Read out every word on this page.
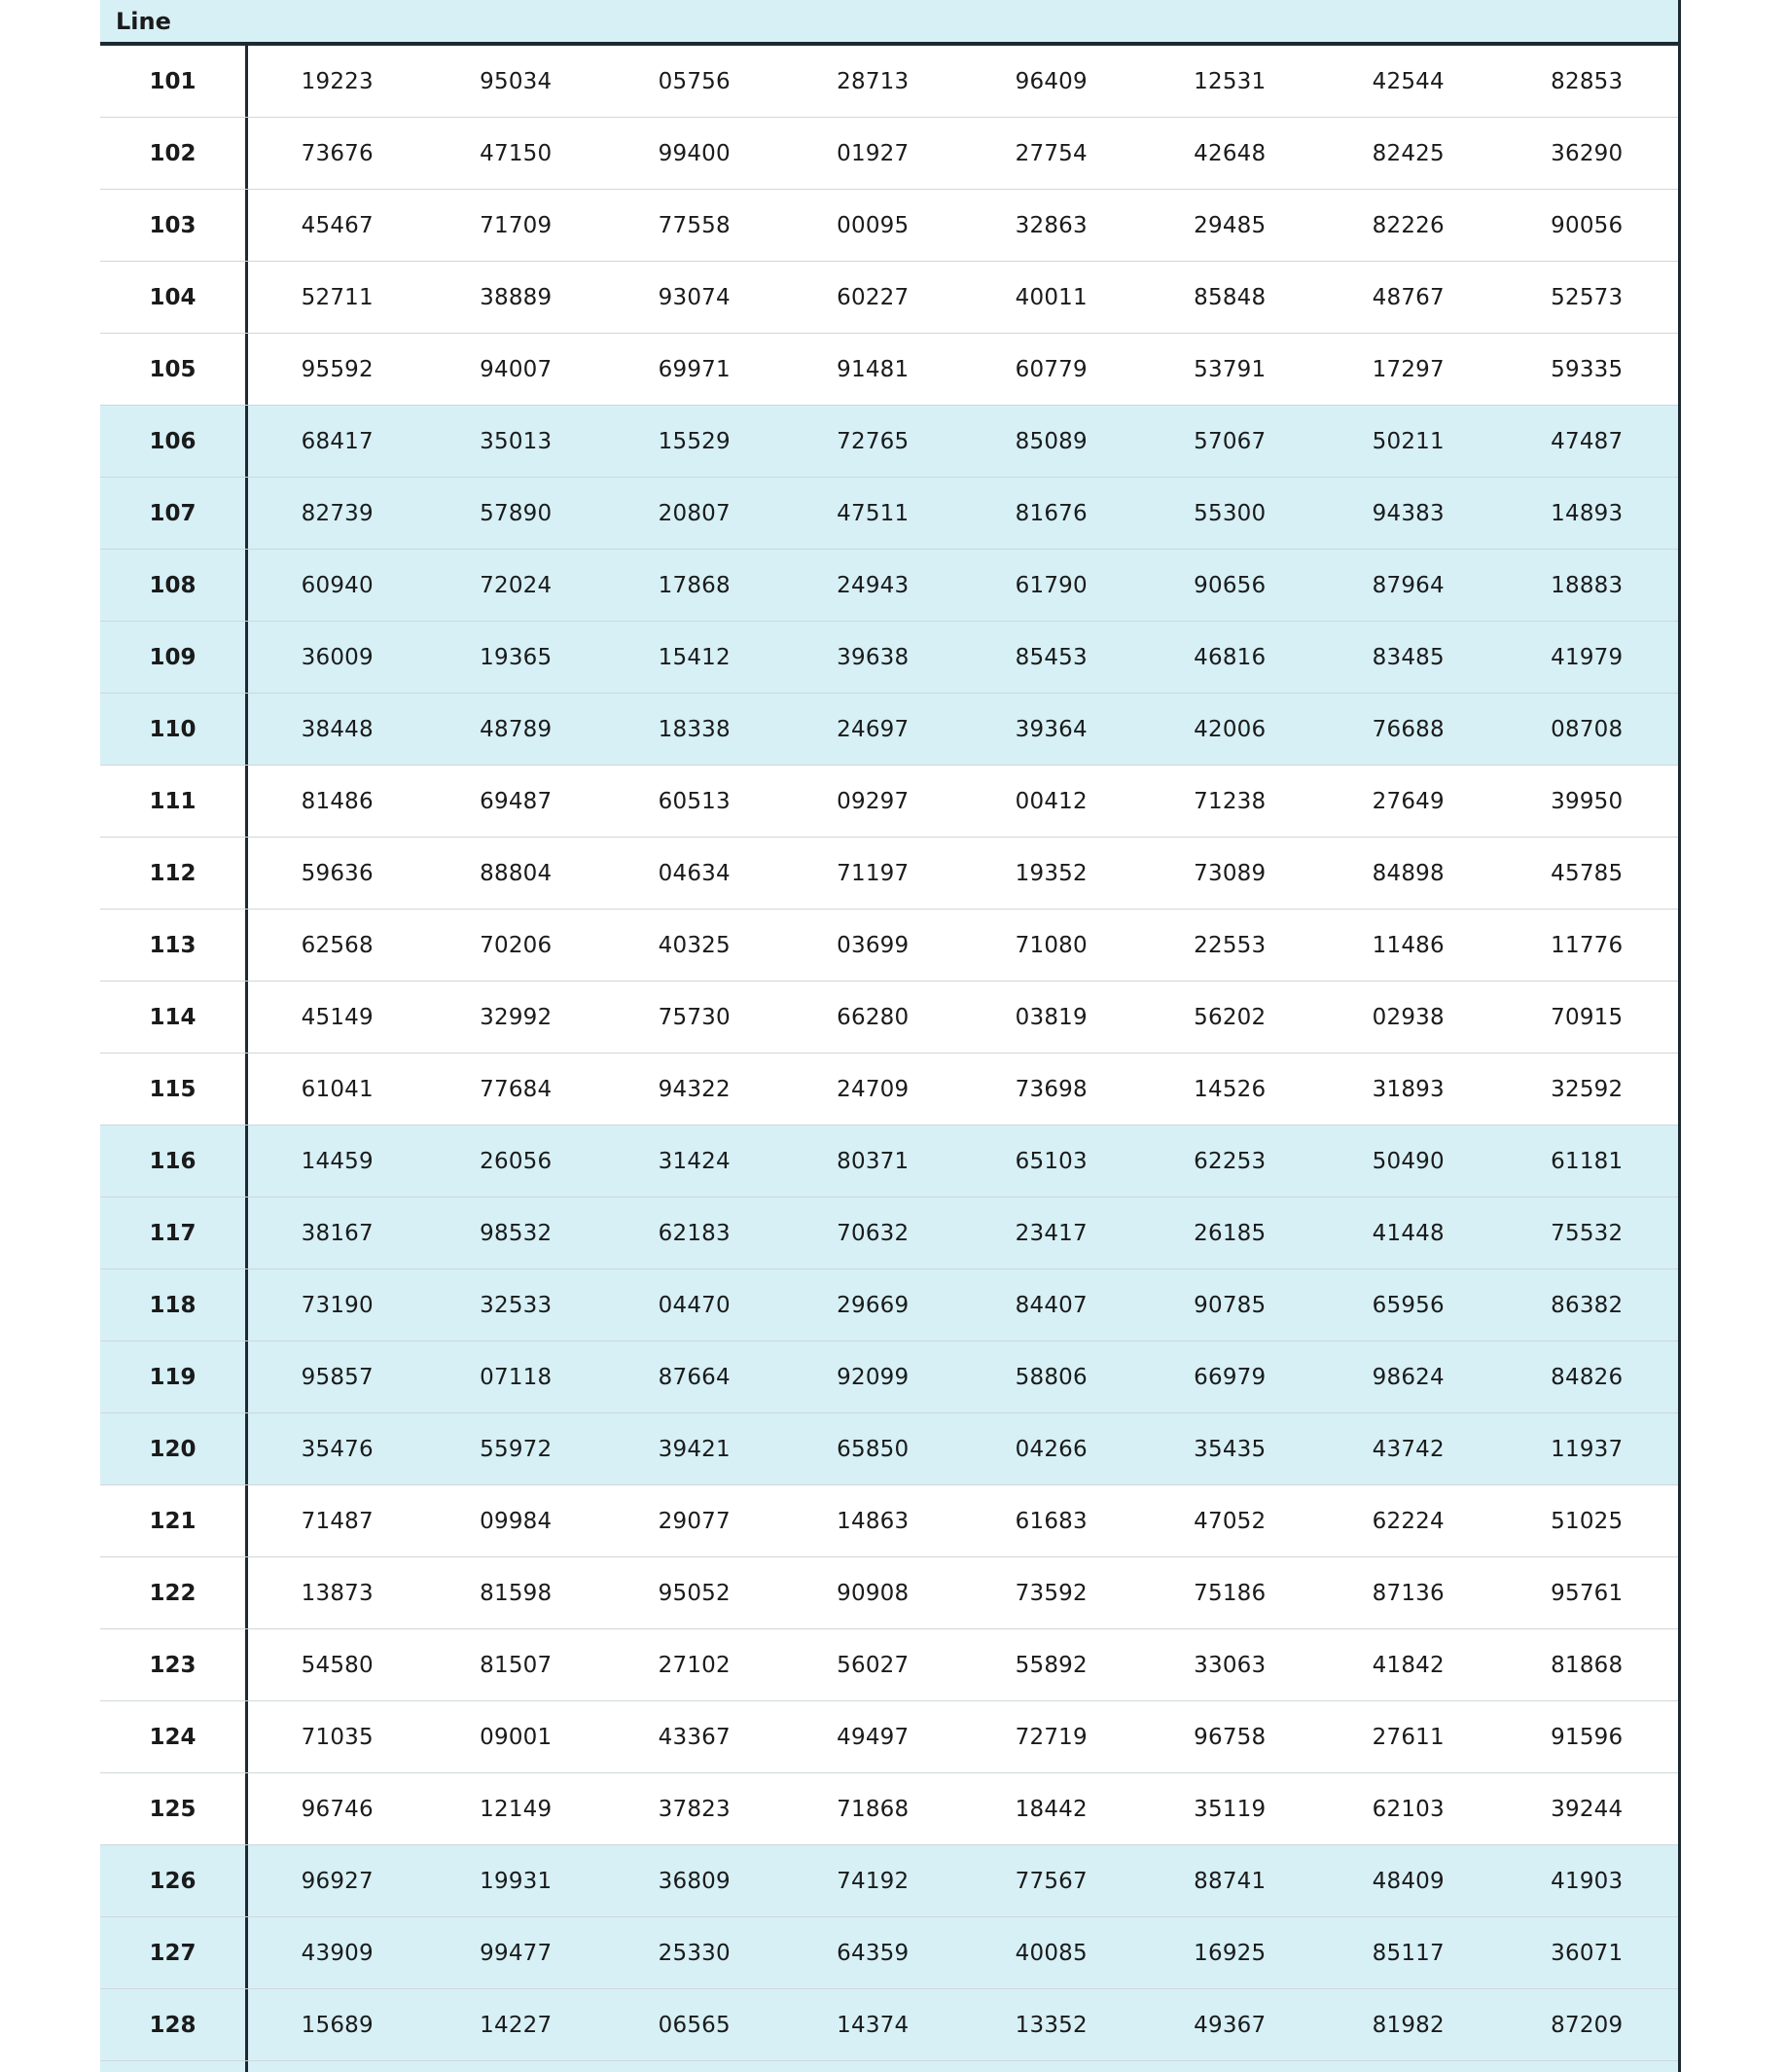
Line
101	19223	95034	05756	28713	96409	12531	42544	82853
102	73676	47150	99400	01927	27754	42648	82425	36290
103	45467	71709	77558	00095	32863	29485	82226	90056
104	52711	38889	93074	60227	40011	85848	48767	52573
105	95592	94007	69971	91481	60779	53791	17297	59335
106	68417	35013	15529	72765	85089	57067	50211	47487
107	82739	57890	20807	47511	81676	55300	94383	14893
108	60940	72024	17868	24943	61790	90656	87964	18883
109	36009	19365	15412	39638	85453	46816	83485	41979
110	38448	48789	18338	24697	39364	42006	76688	08708
111	81486	69487	60513	09297	00412	71238	27649	39950
112	59636	88804	04634	71197	19352	73089	84898	45785
113	62568	70206	40325	03699	71080	22553	11486	11776
114	45149	32992	75730	66280	03819	56202	02938	70915
115	61041	77684	94322	24709	73698	14526	31893	32592
116	14459	26056	31424	80371	65103	62253	50490	61181
117	38167	98532	62183	70632	23417	26185	41448	75532
118	73190	32533	04470	29669	84407	90785	65956	86382
119	95857	07118	87664	92099	58806	66979	98624	84826
120	35476	55972	39421	65850	04266	35435	43742	11937
121	71487	09984	29077	14863	61683	47052	62224	51025
122	13873	81598	95052	90908	73592	75186	87136	95761
123	54580	81507	27102	56027	55892	33063	41842	81868
124	71035	09001	43367	49497	72719	96758	27611	91596
125	96746	12149	37823	71868	18442	35119	62103	39244
126	96927	19931	36809	74192	77567	88741	48409	41903
127	43909	99477	25330	64359	40085	16925	85117	36071
128	15689	14227	06565	14374	13352	49367	81982	87209
